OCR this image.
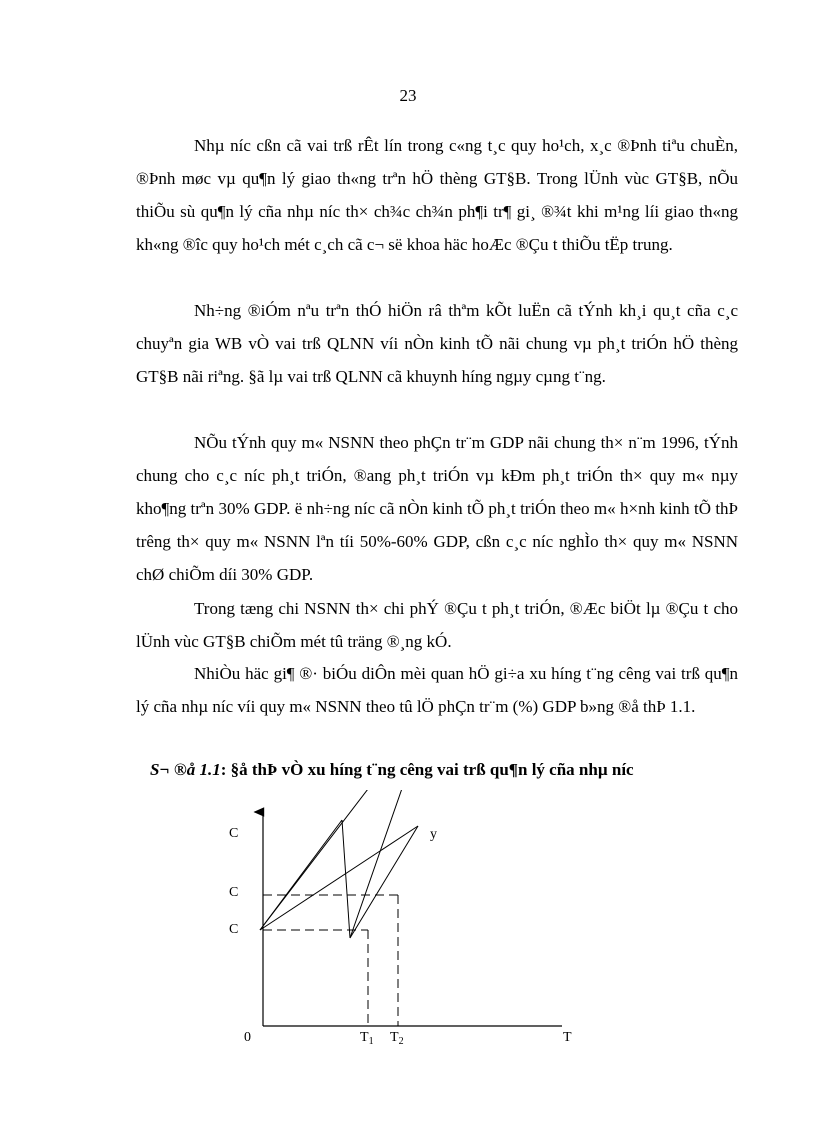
23

Nhµ níc cßn cã vai trß rÊt lín trong c«ng t¸c quy ho¹ch, x¸c ®Þnh tiªu chuÈn, ®Þnh møc vµ qu¶n lý giao th«ng trªn hÖ thèng GT§B. Trong lÜnh vùc GT§B, nÕu thiÕu sù qu¶n lý cña nhµ níc th× ch¾c ch¾n ph¶i tr¶ gi¸ ®¾t khi m¹ng líi giao th«ng kh«ng ®îc quy ho¹ch mét c¸ch cã c¬ së khoa häc hoÆc ®Çu t thiÕu tËp trung.

Nh÷ng ®iÓm nªu trªn thÓ hiÖn râ thªm kÕt luËn cã tÝnh kh¸i qu¸t cña c¸c chuyªn gia WB vÒ vai trß QLNN víi nÒn kinh tÕ nãi chung vµ ph¸t triÓn hÖ thèng GT§B nãi riªng. §ã lµ vai trß QLNN cã khuynh híng ngµy cµng t¨ng.

NÕu tÝnh quy m« NSNN theo phÇn tr¨m GDP nãi chung th× n¨m 1996, tÝnh chung cho c¸c níc ph¸t triÓn, ®ang ph¸t triÓn vµ kÐm ph¸t triÓn th× quy m« nµy kho¶ng trªn 30% GDP. ë nh÷ng níc cã nÒn kinh tÕ ph¸t triÓn theo m« h×nh kinh tÕ thÞ trêng th× quy m« NSNN lªn tíi 50%-60% GDP, cßn c¸c níc nghÌo th× quy m« NSNN chØ chiÕm díi 30% GDP.

Trong tæng chi NSNN th× chi phÝ ®Çu t ph¸t triÓn, ®Æc biÖt lµ ®Çu t cho lÜnh vùc GT§B chiÕm mét tû träng ®¸ng kÓ.

NhiÒu häc gi¶ ®· biÓu diÔn mèi quan hÖ gi÷a xu híng t¨ng cêng vai trß qu¶n lý cña nhµ níc víi quy m« NSNN theo tû lÖ phÇn tr¨m (%) GDP b»ng ®å thÞ 1.1.

S¬ ®å 1.1: §å thÞ vÒ xu híng t¨ng cêng vai trß qu¶n lý cña nhµ níc
C
C
C
y
0	$T_1$ $T_2$	T
